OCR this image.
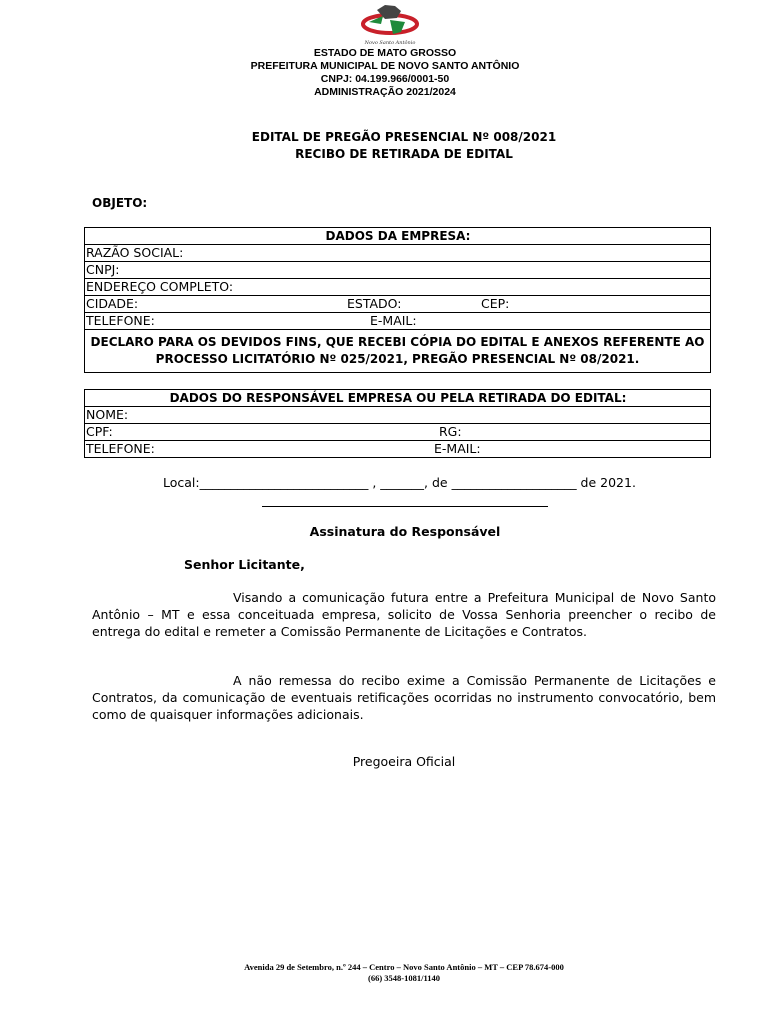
Novo Santo Antônio
ESTADO DE MATO GROSSO
PREFEITURA MUNICIPAL DE NOVO SANTO ANTÔNIO
CNPJ: 04.199.966/0001-50
ADMINISTRAÇÃO 2021/2024
EDITAL DE PREGÃO PRESENCIAL Nº 008/2021
RECIBO DE RETIRADA DE EDITAL
OBJETO:
DADOS DA EMPRESA:
RAZÃO SOCIAL:
CNPJ:
ENDEREÇO COMPLETO:
CIDADE:	ESTADO:	CEP:

TELEFONE:	E-MAIL:

DECLARO PARA OS DEVIDOS FINS, QUE RECEBI CÓPIA DO EDITAL E ANEXOS REFERENTE AO PROCESSO LICITATÓRIO Nº 025/2021, PREGÃO PRESENCIAL Nº 08/2021.
DADOS DO RESPONSÁVEL EMPRESA OU PELA RETIRADA DO EDITAL:
NOME:
CPF:	RG:

TELEFONE:	E-MAIL:
Local:___________________________ , _______, de ____________________ de 2021.
Assinatura do Responsável
Senhor Licitante,
Visando a comunicação futura entre a Prefeitura Municipal de Novo Santo Antônio – MT e essa conceituada empresa, solicito de Vossa Senhoria preencher o recibo de entrega do edital e remeter a Comissão Permanente de Licitações e Contratos.
A não remessa do recibo exime a Comissão Permanente de Licitações e Contratos, da comunicação de eventuais retificações ocorridas no instrumento convocatório, bem como de quaisquer informações adicionais.
Pregoeira Oficial
Avenida 29 de Setembro, n.º 244 – Centro – Novo Santo Antônio – MT – CEP 78.674-000
(66) 3548-1081/1140
